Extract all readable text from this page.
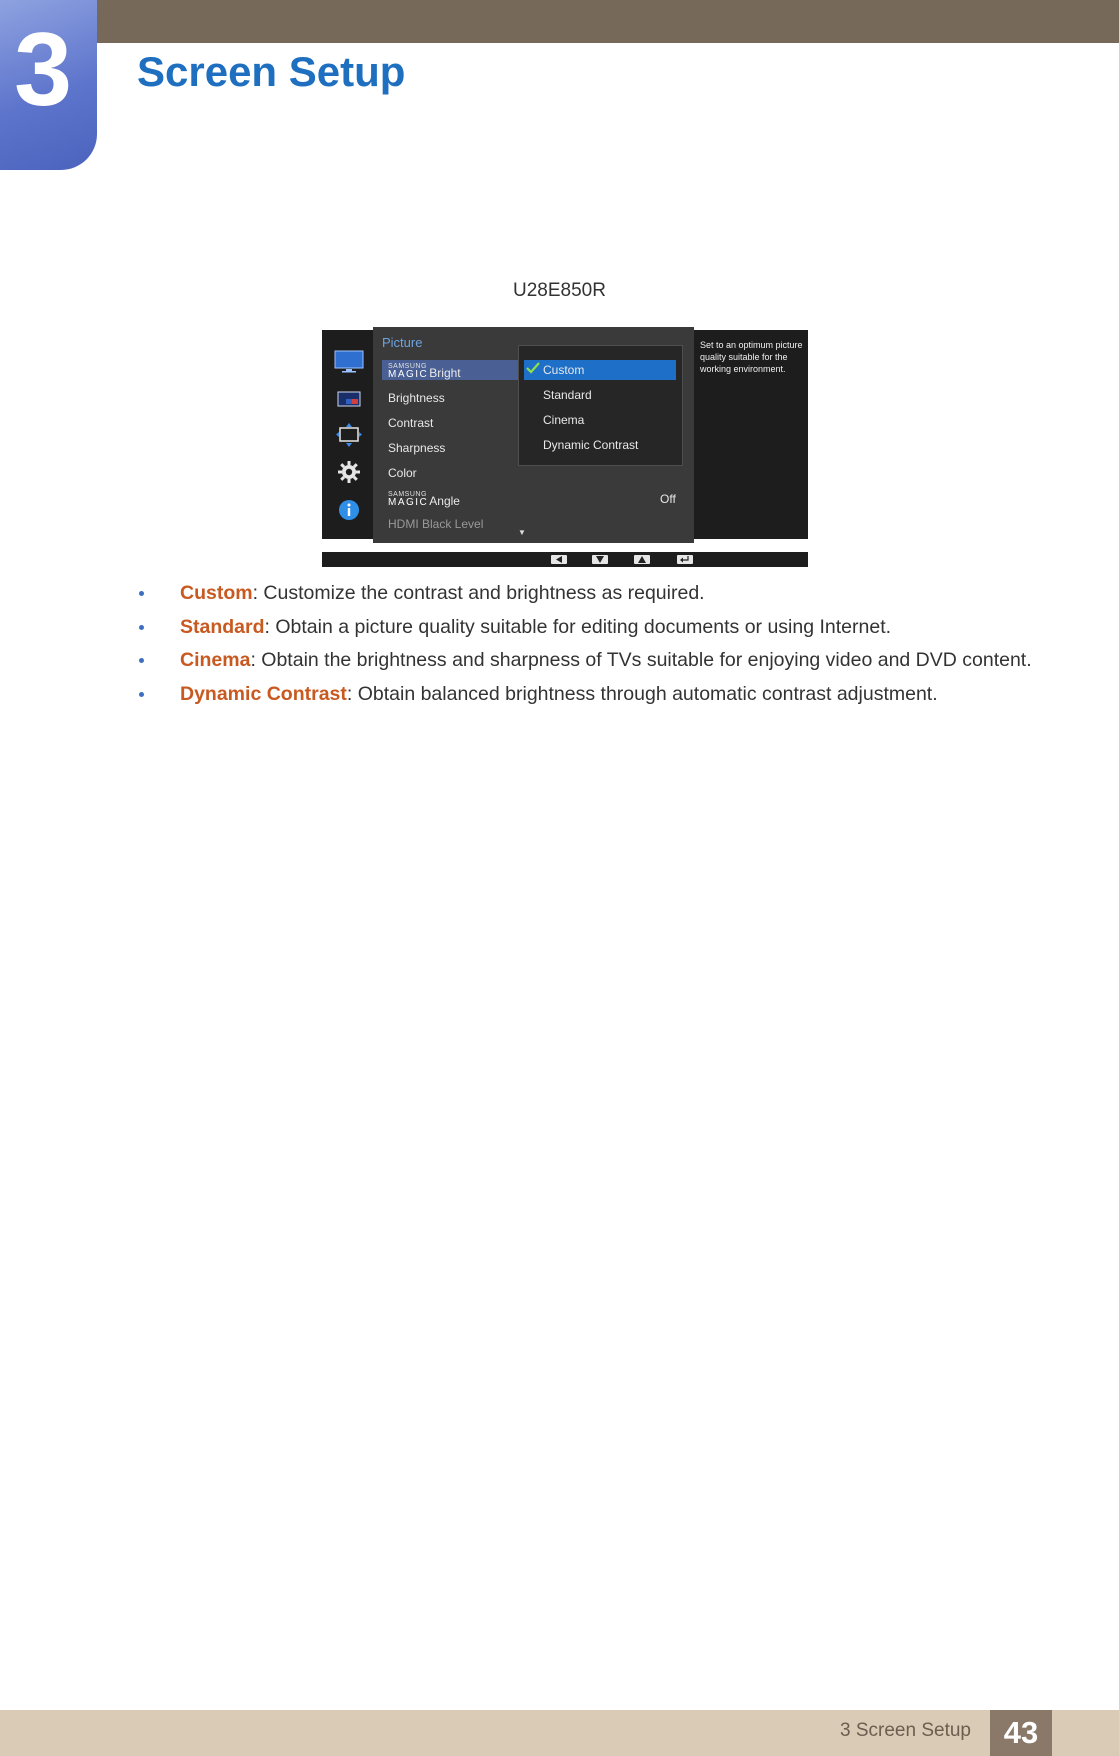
3	Screen Setup
U28E850R
Picture
SAMSUNG
MAGIC Bright
Brightness
Contrast
Sharpness
Color
SAMSUNG
MAGIC Angle	Off
HDMI Black Level
▼
Custom
Standard
Cinema
Dynamic Contrast
Set to an optimum picture quality suitable for the working environment.
Custom: Customize the contrast and brightness as required.
Standard: Obtain a picture quality suitable for editing documents or using Internet.
Cinema: Obtain the brightness and sharpness of TVs suitable for enjoying video and DVD content.
Dynamic Contrast: Obtain balanced brightness through automatic contrast adjustment.
3 Screen Setup	43
